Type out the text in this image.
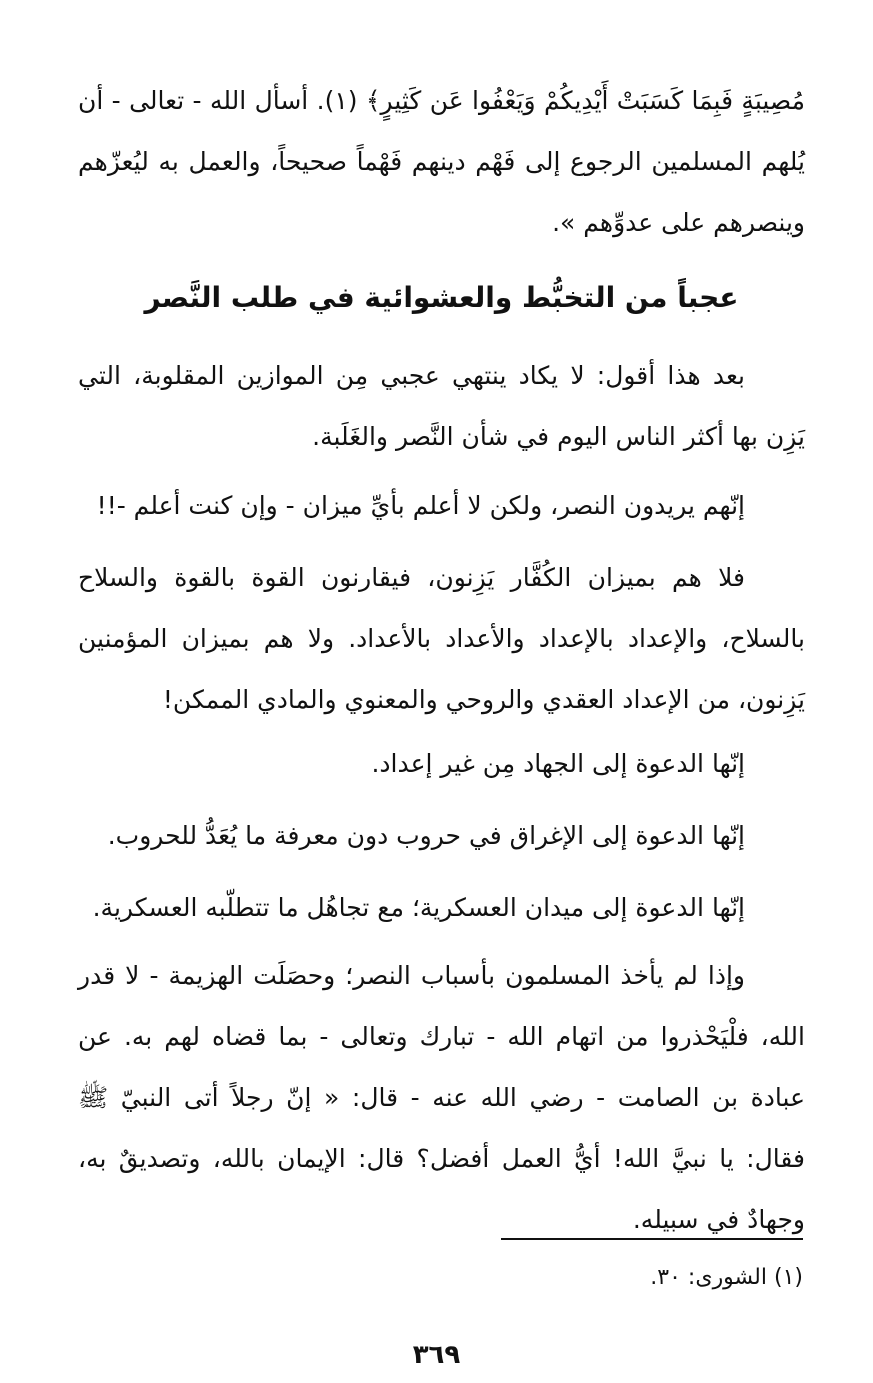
مُصِيبَةٍ فَبِمَا كَسَبَتْ أَيْدِيكُمْ وَيَعْفُوا عَن كَثِيرٍ﴾ (١). أسأل الله - تعالى - أن يُلهم المسلمين الرجوع إلى فَهْم دينهم فَهْماً صحيحاً، والعمل به ليُعزّهم وينصرهم على عدوِّهم ».

عجباً من التخبُّط والعشوائية في طلب النَّصر

بعد هذا أقول: لا يكاد ينتهي عجبي مِن الموازين المقلوبة، التي يَزِن بها أكثر الناس اليوم في شأن النَّصر والغَلَبة.

إنّهم يريدون النصر، ولكن لا أعلم بأيِّ ميزان - وإن كنت أعلم -!!

فلا هم بميزان الكُفَّار يَزِنون، فيقارنون القوة بالقوة والسلاح بالسلاح، والإعداد بالإعداد والأعداد بالأعداد. ولا هم بميزان المؤمنين يَزِنون، من الإعداد العقدي والروحي والمعنوي والمادي الممكن!

إنّها الدعوة إلى الجهاد مِن غير إعداد.

إنّها الدعوة إلى الإغراق في حروب دون معرفة ما يُعَدُّ للحروب.

إنّها الدعوة إلى ميدان العسكرية؛ مع تجاهُل ما تتطلّبه العسكرية.

وإذا لم يأخذ المسلمون بأسباب النصر؛ وحصَلَت الهزيمة - لا قدر الله، فلْيَحْذروا من اتهام الله - تبارك وتعالى - بما قضاه لهم به. عن عبادة بن الصامت - رضي الله عنه - قال: « إنّ رجلاً أتى النبيّ ﷺ فقال: يا نبيَّ الله! أيُّ العمل أفضل؟ قال: الإيمان بالله، وتصديقٌ به، وجهادٌ في سبيله.

(١) الشورى: ٣٠.

٣٦٩
